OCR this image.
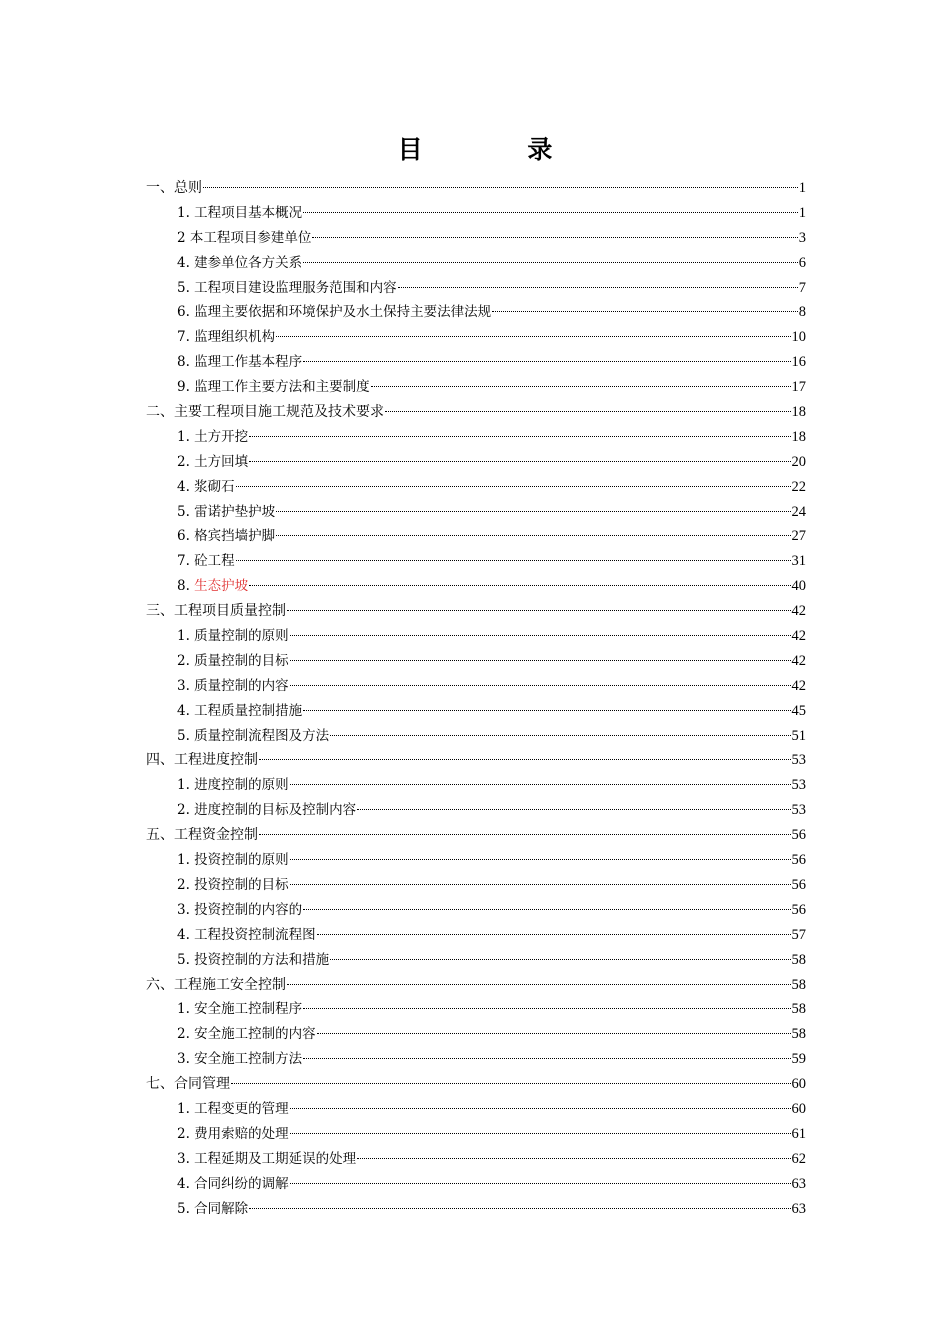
目 录
一、总则	1
1. 工程项目基本概况	1
2 本工程项目参建单位	3
4. 建参单位各方关系	6
5. 工程项目建设监理服务范围和内容	7
6. 监理主要依据和环境保护及水土保持主要法律法规	8
7. 监理组织机构	10
8. 监理工作基本程序	16
9. 监理工作主要方法和主要制度	17
二、主要工程项目施工规范及技术要求	18
1. 土方开挖	18
2. 土方回填	20
4. 浆砌石	22
5. 雷诺护垫护坡	24
6. 格宾挡墙护脚	27
7. 砼工程	31
8. 生态护坡	40
三、工程项目质量控制	42
1. 质量控制的原则	42
2. 质量控制的目标	42
3. 质量控制的内容	42
4. 工程质量控制措施	45
5. 质量控制流程图及方法	51
四、工程进度控制	53
1. 进度控制的原则	53
2. 进度控制的目标及控制内容	53
五、工程资金控制	56
1. 投资控制的原则	56
2. 投资控制的目标	56
3. 投资控制的内容的	56
4. 工程投资控制流程图	57
5. 投资控制的方法和措施	58
六、工程施工安全控制	58
1. 安全施工控制程序	58
2. 安全施工控制的内容	58
3. 安全施工控制方法	59
七、合同管理	60
1. 工程变更的管理	60
2. 费用索赔的处理	61
3. 工程延期及工期延误的处理	62
4. 合同纠纷的调解	63
5. 合同解除	63
